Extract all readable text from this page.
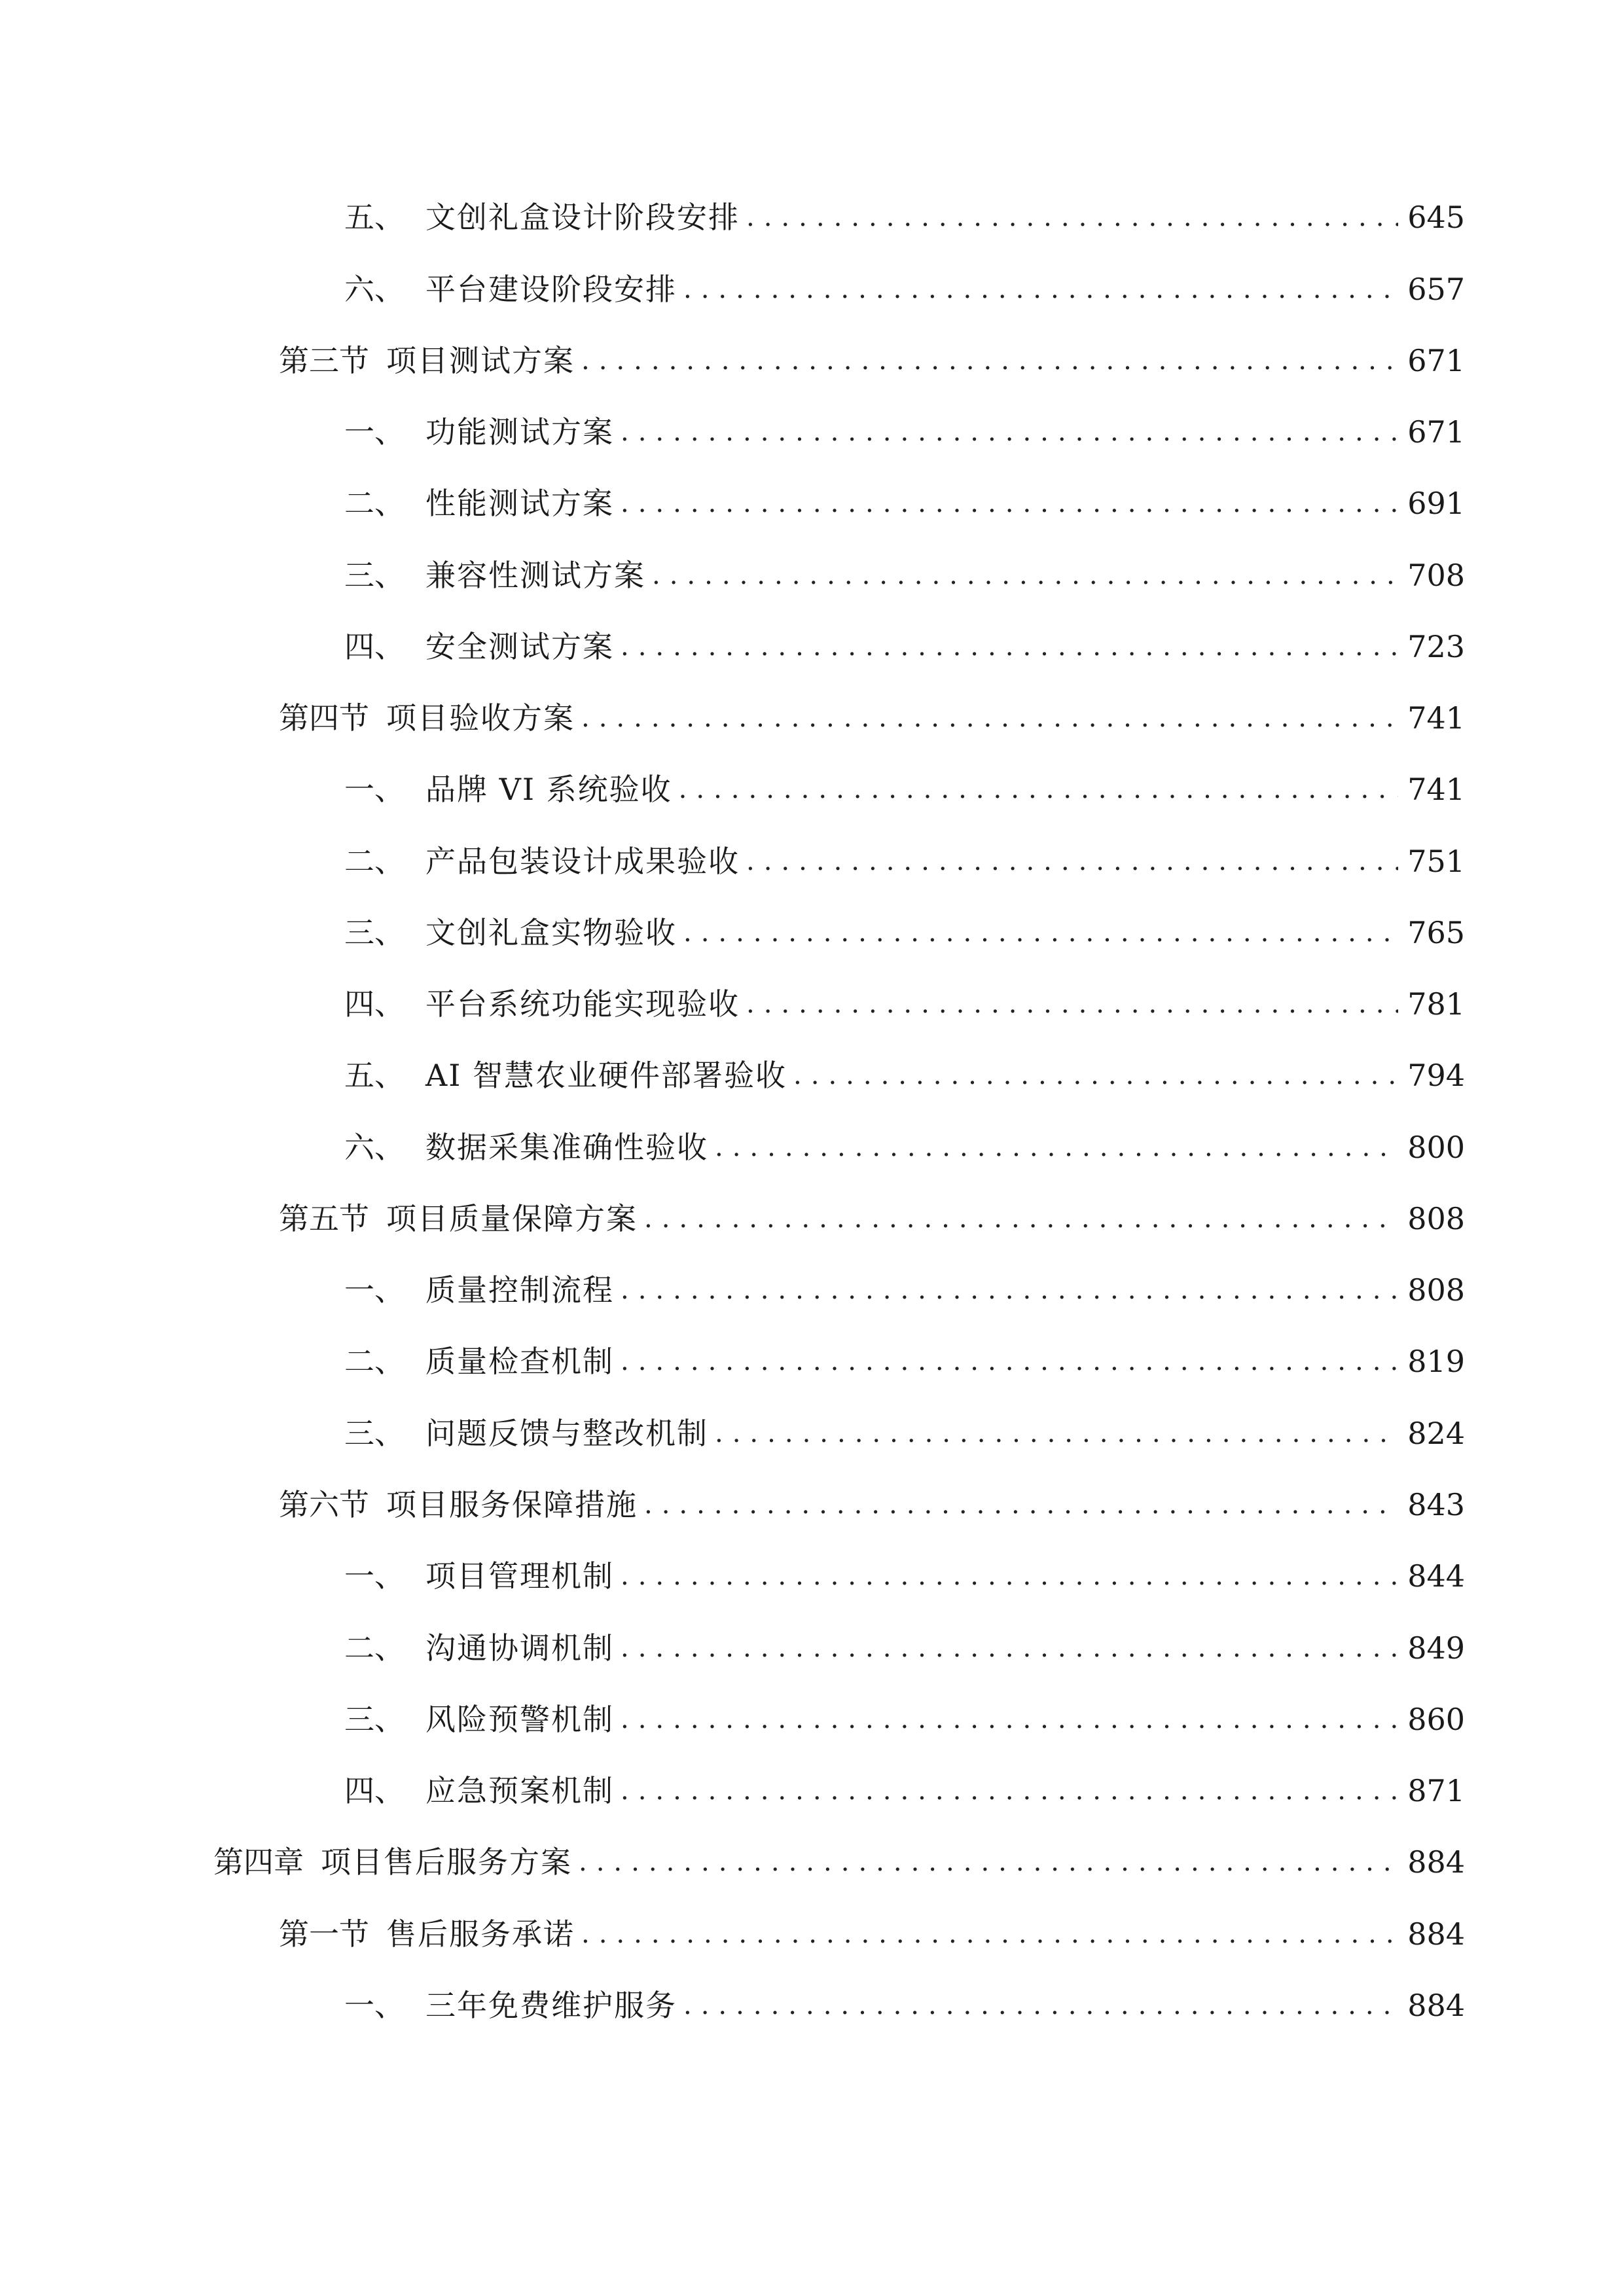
五、 文创礼盒设计阶段安排 .....	645
六、 平台建设阶段安排 .....	657
第三节 项目测试方案 .....	671
一、 功能测试方案 .....	671
二、 性能测试方案 .....	691
三、 兼容性测试方案 .....	708
四、 安全测试方案 .....	723
第四节 项目验收方案 .....	741
一、 品牌 VI 系统验收 .....	741
二、 产品包装设计成果验收 .....	751
三、 文创礼盒实物验收 .....	765
四、 平台系统功能实现验收 .....	781
五、 AI 智慧农业硬件部署验收 .....	794
六、 数据采集准确性验收 .....	800
第五节 项目质量保障方案 .....	808
一、 质量控制流程 .....	808
二、 质量检查机制 .....	819
三、 问题反馈与整改机制 .....	824
第六节 项目服务保障措施 .....	843
一、 项目管理机制 .....	844
二、 沟通协调机制 .....	849
三、 风险预警机制 .....	860
四、 应急预案机制 .....	871
第四章 项目售后服务方案 .....	884
第一节 售后服务承诺 .....	884
一、 三年免费维护服务 .....	884
